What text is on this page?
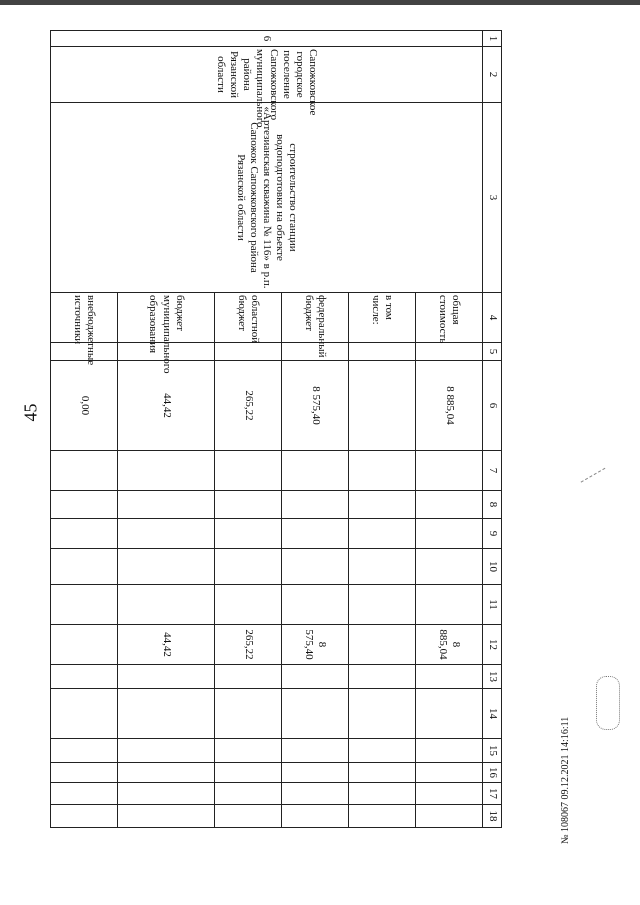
45
1	2	3	4	5	6	7	8	9	10	11	12	13	14	15	16	17	18
6	Сапожковское городское поселение Сапожковского муниципального района Рязанской области	строительство станции водоподготовки на объекте «Артезианская скважина № 116» в р.п. Сапожок Сапожковского района Рязанской области	общая стоимость		8 885,04						8 885,04						
			в том числе:														
			федеральный бюджет		8 575,40						8 575,40						
			областной бюджет		265,22						265,22						
			бюджет муниципального образования		44,42						44,42						
			внебюджетные источники		0,00												
№ 108067 09.12.2021 14:16:11
